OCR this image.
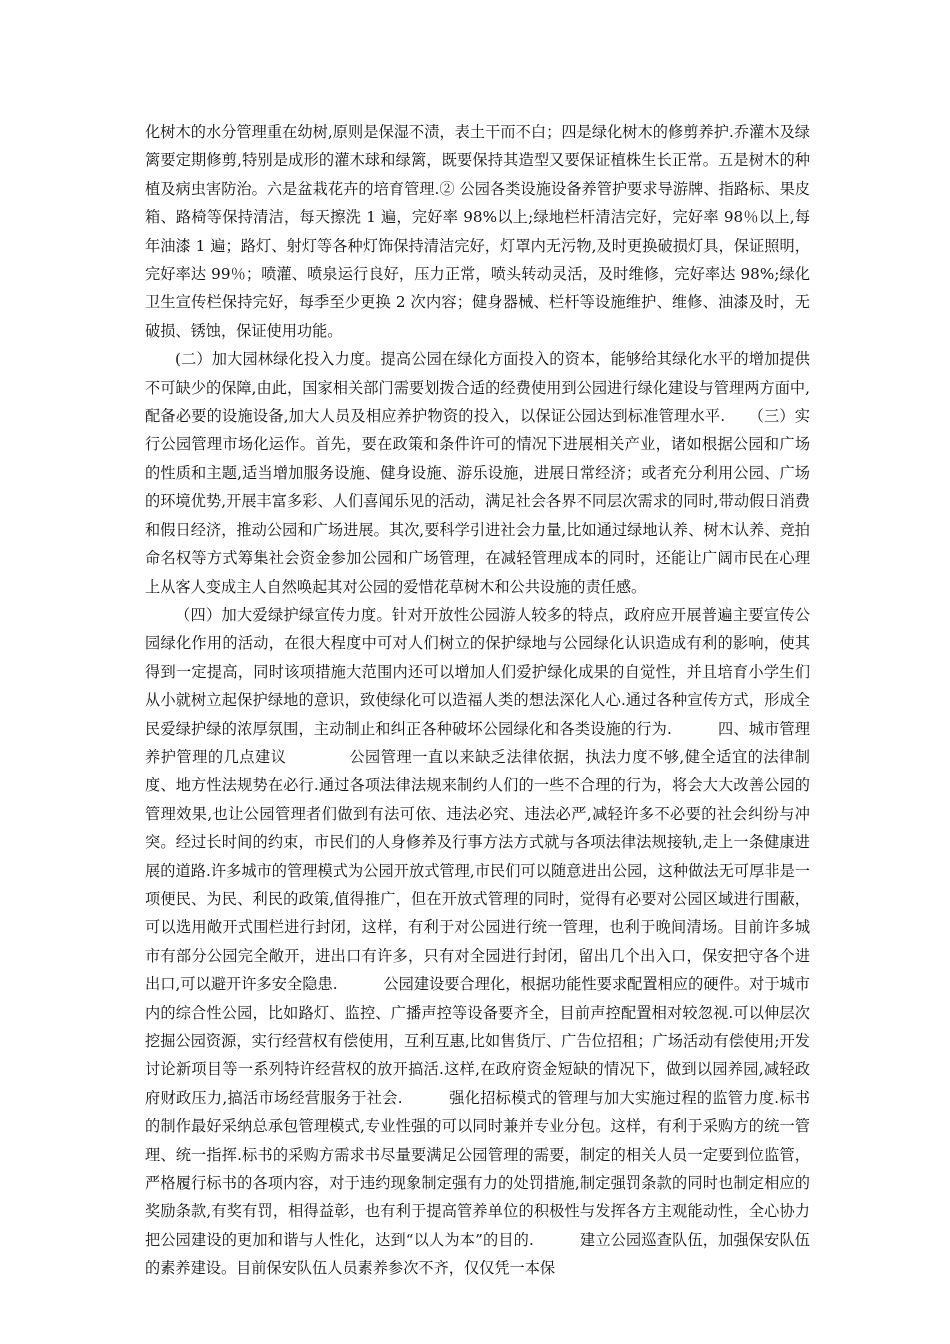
化树木的水分管理重在幼树,原则是保湿不渍，表土干而不白；四是绿化树木的修剪养护.乔灌木及绿篱要定期修剪,特别是成形的灌木球和绿篱，既要保持其造型又要保证植株生长正常。五是树木的种植及病虫害防治。六是盆栽花卉的培育管理.② 公园各类设施设备养管护要求导游牌、指路标、果皮箱、路椅等保持清洁，每天擦洗 1 遍，完好率 98%以上;绿地栏杆清洁完好，完好率 98％以上,每年油漆 1 遍；路灯、射灯等各种灯饰保持清洁完好，灯罩内无污物,及时更换破损灯具，保证照明，完好率达 99％；喷灌、喷泉运行良好，压力正常，喷头转动灵活，及时维修，完好率达 98%;绿化卫生宣传栏保持完好，每季至少更换 2 次内容；健身器械、栏杆等设施维护、维修、油漆及时，无破损、锈蚀，保证使用功能。

(二）加大园林绿化投入力度。提高公园在绿化方面投入的资本，能够给其绿化水平的增加提供不可缺少的保障,由此，国家相关部门需要划拨合适的经费使用到公园进行绿化建设与管理两方面中,配备必要的设施设备,加大人员及相应养护物资的投入，以保证公园达到标准管理水平.　　（三）实行公园管理市场化运作。首先，要在政策和条件许可的情况下进展相关产业，诸如根据公园和广场的性质和主题,适当增加服务设施、健身设施、游乐设施，进展日常经济；或者充分利用公园、广场的环境优势,开展丰富多彩、人们喜闻乐见的活动，满足社会各界不同层次需求的同时,带动假日消费和假日经济，推动公园和广场进展。其次,要科学引进社会力量,比如通过绿地认养、树木认养、竞拍命名权等方式筹集社会资金参加公园和广场管理，在减轻管理成本的同时，还能让广阔市民在心理上从客人变成主人自然唤起其对公园的爱惜花草树木和公共设施的责任感。

（四）加大爱绿护绿宣传力度。针对开放性公园游人较多的特点，政府应开展普遍主要宣传公园绿化作用的活动，在很大程度中可对人们树立的保护绿地与公园绿化认识造成有利的影响，使其得到一定提高，同时该项措施大范围内还可以增加人们爱护绿化成果的自觉性，并且培育小学生们从小就树立起保护绿地的意识，致使绿化可以造福人类的想法深化人心.通过各种宣传方式，形成全民爱绿护绿的浓厚氛围，主动制止和纠正各种破坏公园绿化和各类设施的行为.　　　四、城市管理养护管理的几点建议　　　　公园管理一直以来缺乏法律依据，执法力度不够,健全适宜的法律制度、地方性法规势在必行.通过各项法律法规来制约人们的一些不合理的行为，将会大大改善公园的管理效果,也让公园管理者们做到有法可依、违法必究、违法必严,减轻许多不必要的社会纠纷与冲突。经过长时间的约束，市民们的人身修养及行事方法方式就与各项法律法规接轨,走上一条健康进展的道路.许多城市的管理模式为公园开放式管理,市民们可以随意进出公园，这种做法无可厚非是一项便民、为民、利民的政策,值得推广，但在开放式管理的同时，觉得有必要对公园区域进行围蔽，可以选用敞开式围栏进行封闭，这样，有利于对公园进行统一管理，也利于晚间清场。目前许多城市有部分公园完全敞开，进出口有许多，只有对全园进行封闭，留出几个出入口，保安把守各个进出口,可以避开许多安全隐患.　　　公园建设要合理化，根据功能性要求配置相应的硬件。对于城市内的综合性公园，比如路灯、监控、广播声控等设备要齐全，目前声控配置相对较忽视.可以伸层次挖掘公园资源，实行经营权有偿使用，互利互惠,比如售货厅、广告位招租；广场活动有偿使用;开发讨论新项目等一系列特许经营权的放开搞活.这样,在政府资金短缺的情况下，做到以园养园,减轻政府财政压力,搞活市场经营服务于社会.　　　强化招标模式的管理与加大实施过程的监管力度.标书的制作最好采纳总承包管理模式,专业性强的可以同时兼并专业分包。这样，有利于采购方的统一管理、统一指挥.标书的采购方需求书尽量要满足公园管理的需要，制定的相关人员一定要到位监管，严格履行标书的各项内容，对于违约现象制定强有力的处罚措施,制定强罚条款的同时也制定相应的奖励条款,有奖有罚，相得益彰，也有利于提高管养单位的积极性与发挥各方主观能动性，全心协力把公园建设的更加和谐与人性化，达到“以人为本”的目的.　　　建立公园巡查队伍，加强保安队伍的素养建设。目前保安队伍人员素养参次不齐，仅仅凭一本保
